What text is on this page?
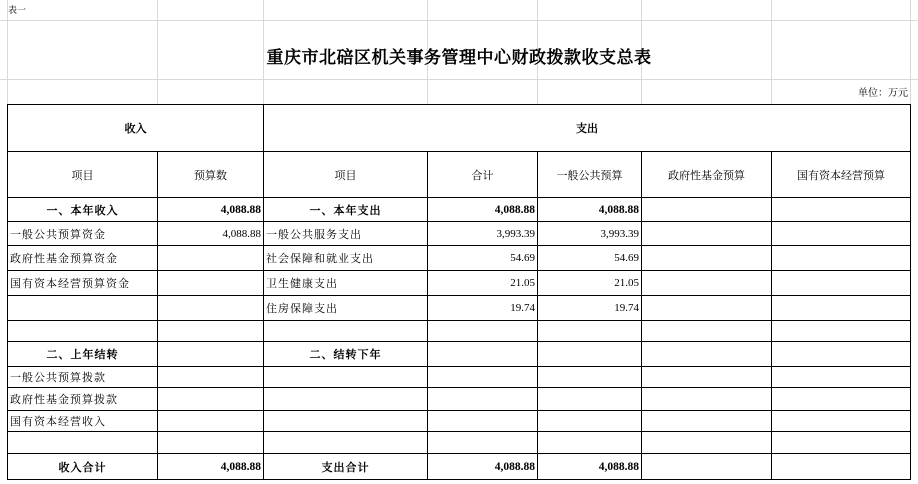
表一
重庆市北碚区机关事务管理中心财政拨款收支总表
单位：万元
收入		支出				
项目	预算数	项目	合计	一般公共预算	政府性基金预算	国有资本经营预算
一、本年收入	4,088.88	一、本年支出	4,088.88	4,088.88		
一般公共预算资金	4,088.88	一般公共服务支出	3,993.39	3,993.39		
政府性基金预算资金		社会保障和就业支出	54.69	54.69		
国有资本经营预算资金		卫生健康支出	21.05	21.05		
		住房保障支出	19.74	19.74		

二、上年结转		二、结转下年				
一般公共预算拨款						
政府性基金预算拨款						
国有资本经营收入						

收入合计	4,088.88	支出合计	4,088.88	4,088.88		
